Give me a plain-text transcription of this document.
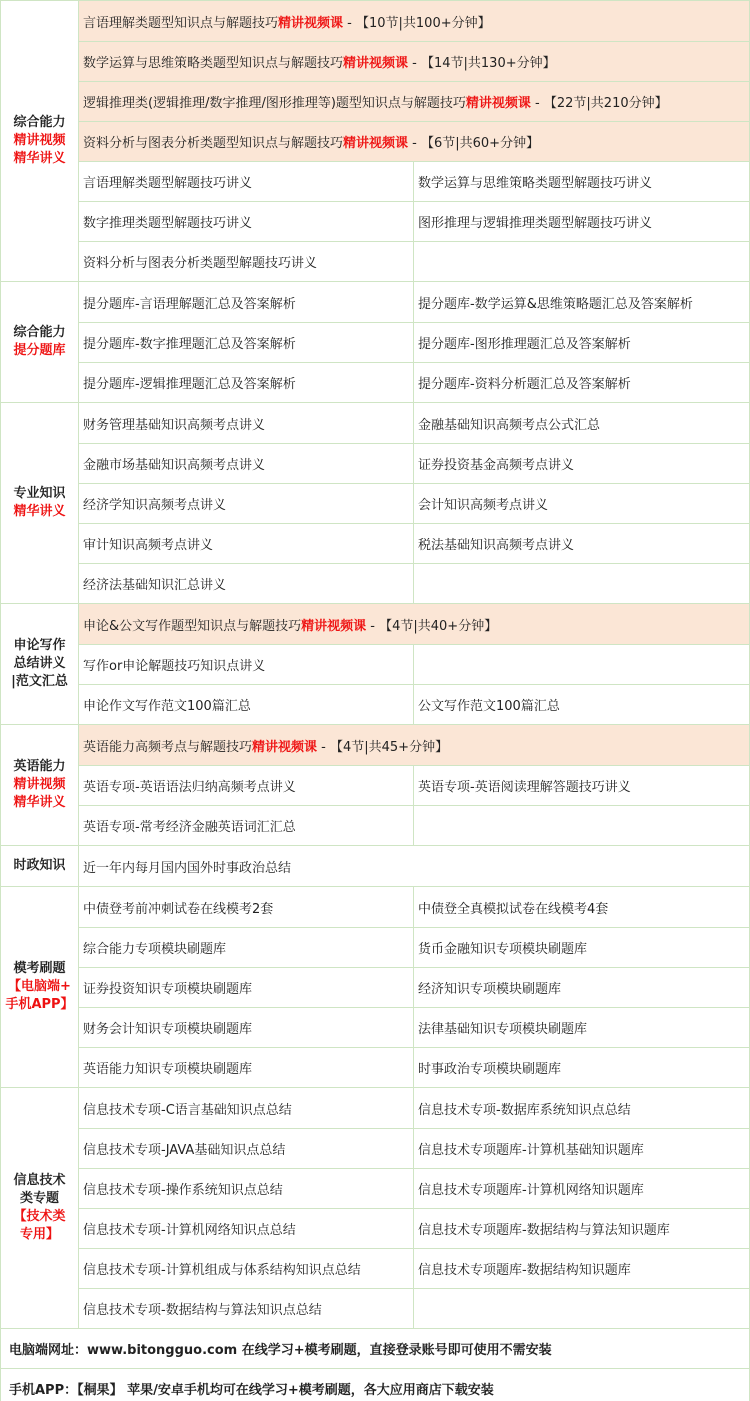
综合能力
精讲视频
精华讲义
言语理解类题型知识点与解题技巧 精讲视频课 - 【10节|共100+分钟】
数学运算与思维策略类题型知识点与解题技巧 精讲视频课 - 【14节|共130+分钟】
逻辑推理类(逻辑推理/数字推理/图形推理等)题型知识点与解题技巧 精讲视频课 - 【22节|共210分钟】
资料分析与图表分析类题型知识点与解题技巧 精讲视频课 - 【6节|共60+分钟】
言语理解类题型解题技巧讲义	数学运算与思维策略类题型解题技巧讲义
数字推理类题型解题技巧讲义	图形推理与逻辑推理类题型解题技巧讲义
资料分析与图表分析类题型解题技巧讲义
综合能力
提分题库
提分题库-言语理解题汇总及答案解析	提分题库-数学运算&思维策略题汇总及答案解析
提分题库-数字推理题汇总及答案解析	提分题库-图形推理题汇总及答案解析
提分题库-逻辑推理题汇总及答案解析	提分题库-资料分析题汇总及答案解析
专业知识
精华讲义
财务管理基础知识高频考点讲义	金融基础知识高频考点公式汇总
金融市场基础知识高频考点讲义	证券投资基金高频考点讲义
经济学知识高频考点讲义	会计知识高频考点讲义
审计知识高频考点讲义	税法基础知识高频考点讲义
经济法基础知识汇总讲义
申论写作
总结讲义
|范文汇总
申论&公文写作题型知识点与解题技巧 精讲视频课 - 【4节|共40+分钟】
写作or申论解题技巧知识点讲义
申论作文写作范文100篇汇总	公文写作范文100篇汇总
英语能力
精讲视频
精华讲义
英语能力高频考点与解题技巧 精讲视频课 - 【4节|共45+分钟】
英语专项-英语语法归纳高频考点讲义	英语专项-英语阅读理解答题技巧讲义
英语专项-常考经济金融英语词汇汇总
时政知识	近一年内每月国内国外时事政治总结
模考刷题
【电脑端+
手机APP】
中债登考前冲刺试卷在线模考2套	中债登全真模拟试卷在线模考4套
综合能力专项模块刷题库	货币金融知识专项模块刷题库
证券投资知识专项模块刷题库	经济知识专项模块刷题库
财务会计知识专项模块刷题库	法律基础知识专项模块刷题库
英语能力知识专项模块刷题库	时事政治专项模块刷题库
信息技术
类专题
【技术类
专用】
信息技术专项-C语言基础知识点总结	信息技术专项-数据库系统知识点总结
信息技术专项-JAVA基础知识点总结	信息技术专项题库-计算机基础知识题库
信息技术专项-操作系统知识点总结	信息技术专项题库-计算机网络知识题库
信息技术专项-计算机网络知识点总结	信息技术专项题库-数据结构与算法知识题库
信息技术专项-计算机组成与体系结构知识点总结	信息技术专项题库-数据结构知识题库
信息技术专项-数据结构与算法知识点总结
电脑端网址：www.bitongguo.com 在线学习+模考刷题，直接登录账号即可使用不需安装
手机APP：【桐果】 苹果/安卓手机均可在线学习+模考刷题，各大应用商店下载安装
